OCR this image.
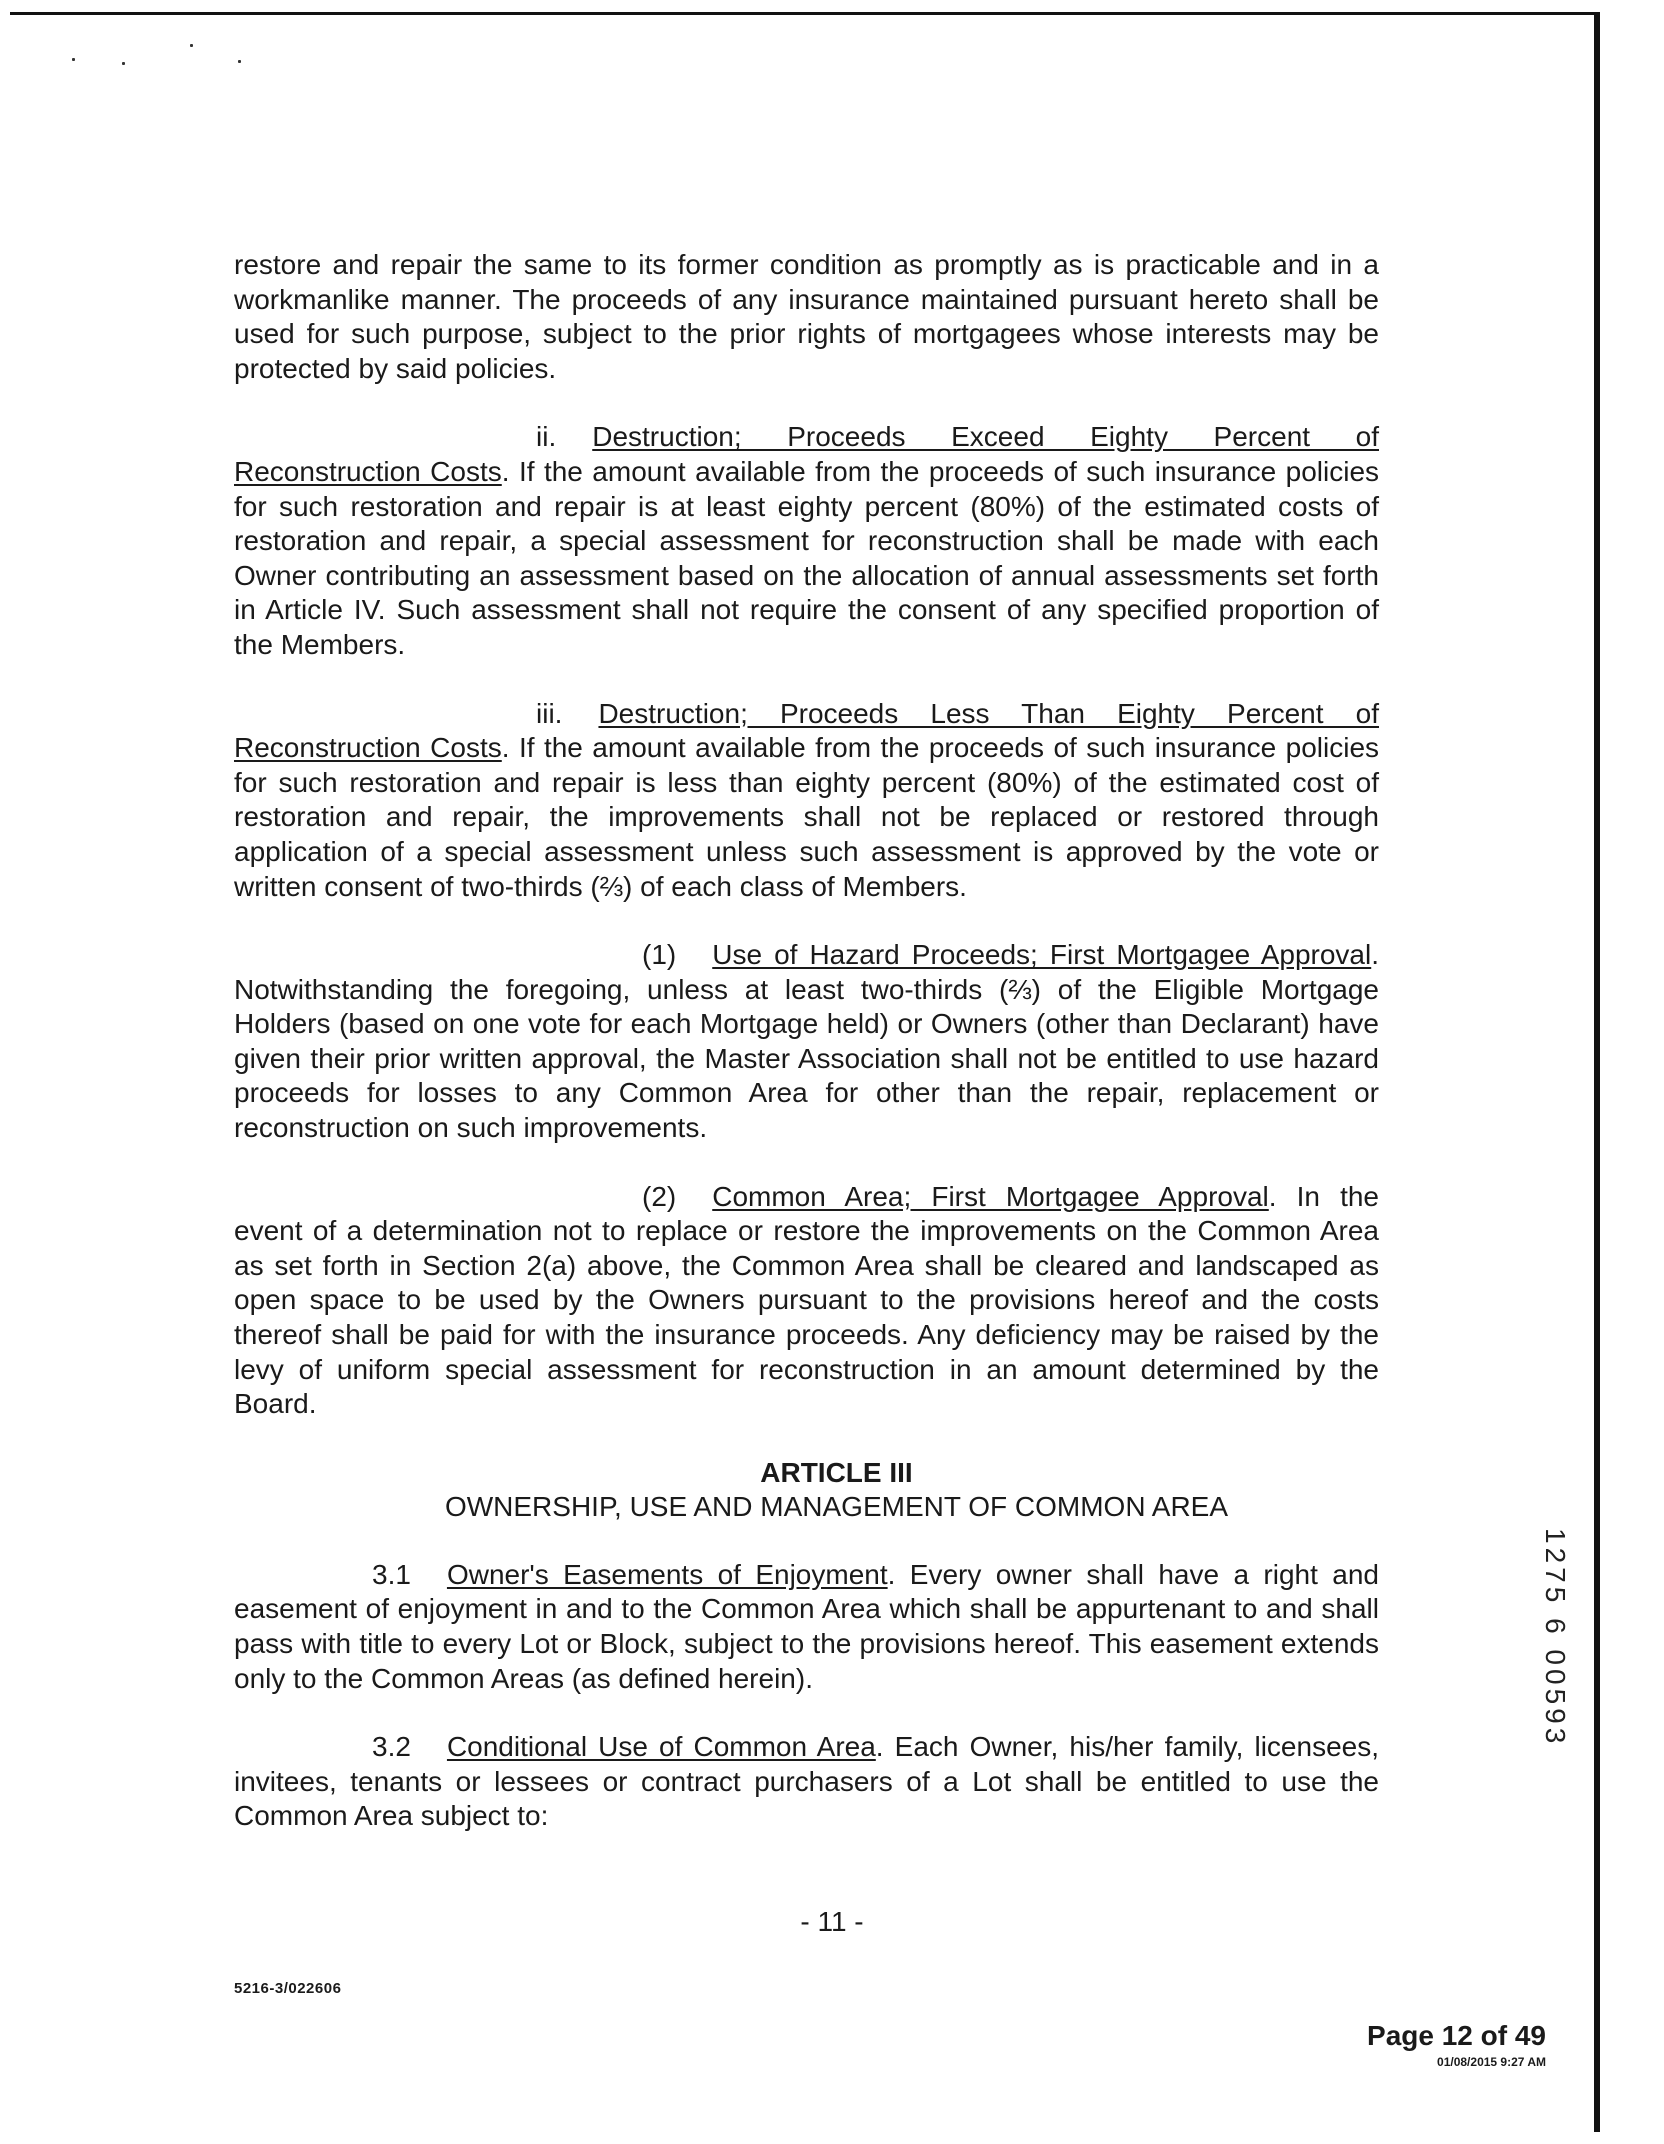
restore and repair the same to its former condition as promptly as is practicable and in a workmanlike manner. The proceeds of any insurance maintained pursuant hereto shall be used for such purpose, subject to the prior rights of mortgagees whose interests may be protected by said policies.

ii. Destruction; Proceeds Exceed Eighty Percent of Reconstruction Costs. If the amount available from the proceeds of such insurance policies for such restoration and repair is at least eighty percent (80%) of the estimated costs of restoration and repair, a special assessment for reconstruction shall be made with each Owner contributing an assessment based on the allocation of annual assessments set forth in Article IV. Such assessment shall not require the consent of any specified proportion of the Members.

iii. Destruction; Proceeds Less Than Eighty Percent of Reconstruction Costs. If the amount available from the proceeds of such insurance policies for such restoration and repair is less than eighty percent (80%) of the estimated cost of restoration and repair, the improvements shall not be replaced or restored through application of a special assessment unless such assessment is approved by the vote or written consent of two-thirds (⅔) of each class of Members.

(1) Use of Hazard Proceeds; First Mortgagee Approval. Notwithstanding the foregoing, unless at least two-thirds (⅔) of the Eligible Mortgage Holders (based on one vote for each Mortgage held) or Owners (other than Declarant) have given their prior written approval, the Master Association shall not be entitled to use hazard proceeds for losses to any Common Area for other than the repair, replacement or reconstruction on such improvements.

(2) Common Area; First Mortgagee Approval. In the event of a determination not to replace or restore the improvements on the Common Area as set forth in Section 2(a) above, the Common Area shall be cleared and landscaped as open space to be used by the Owners pursuant to the provisions hereof and the costs thereof shall be paid for with the insurance proceeds. Any deficiency may be raised by the levy of uniform special assessment for reconstruction in an amount determined by the Board.

ARTICLE III

OWNERSHIP, USE AND MANAGEMENT OF COMMON AREA

3.1 Owner's Easements of Enjoyment. Every owner shall have a right and easement of enjoyment in and to the Common Area which shall be appurtenant to and shall pass with title to every Lot or Block, subject to the provisions hereof. This easement extends only to the Common Areas (as defined herein).

3.2 Conditional Use of Common Area. Each Owner, his/her family, licensees, invitees, tenants or lessees or contract purchasers of a Lot shall be entitled to use the Common Area subject to:

1275 6 00593
- 11 -
5216-3/022606
Page 12 of 49
01/08/2015 9:27 AM
